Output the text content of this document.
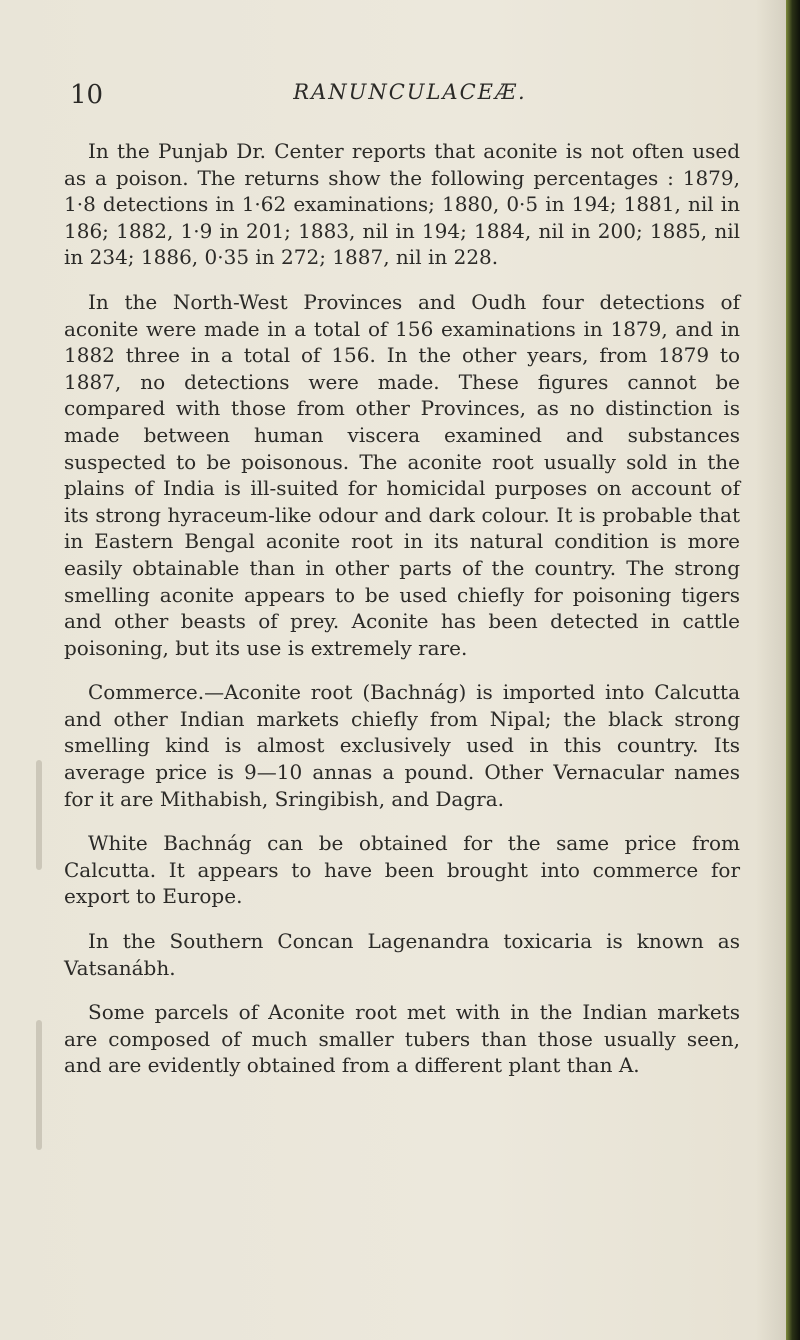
10	RANUNCULACEÆ.

In the Punjab Dr. Center reports that aconite is not often used as a poison. The returns show the following percentages : 1879, 1·8 detections in 1·62 examinations; 1880, 0·5 in 194; 1881, nil in 186; 1882, 1·9 in 201; 1883, nil in 194; 1884, nil in 200; 1885, nil in 234; 1886, 0·35 in 272; 1887, nil in 228.

In the North-West Provinces and Oudh four detections of aconite were made in a total of 156 examinations in 1879, and in 1882 three in a total of 156. In the other years, from 1879 to 1887, no detections were made. These figures cannot be compared with those from other Provinces, as no distinction is made between human viscera examined and substances suspected to be poisonous. The aconite root usually sold in the plains of India is ill-suited for homicidal purposes on account of its strong hyraceum-like odour and dark colour. It is probable that in Eastern Bengal aconite root in its natural condition is more easily obtainable than in other parts of the country. The strong smelling aconite appears to be used chiefly for poisoning tigers and other beasts of prey. Aconite has been detected in cattle poisoning, but its use is extremely rare.

Commerce.—Aconite root (Bachnág) is imported into Calcutta and other Indian markets chiefly from Nipal; the black strong smelling kind is almost exclusively used in this country. Its average price is 9—10 annas a pound. Other Vernacular names for it are Mithabish, Sringibish, and Dagra.

White Bachnág can be obtained for the same price from Calcutta. It appears to have been brought into commerce for export to Europe.

In the Southern Concan Lagenandra toxicaria is known as Vatsanábh.

Some parcels of Aconite root met with in the Indian markets are composed of much smaller tubers than those usually seen, and are evidently obtained from a different plant than A.
